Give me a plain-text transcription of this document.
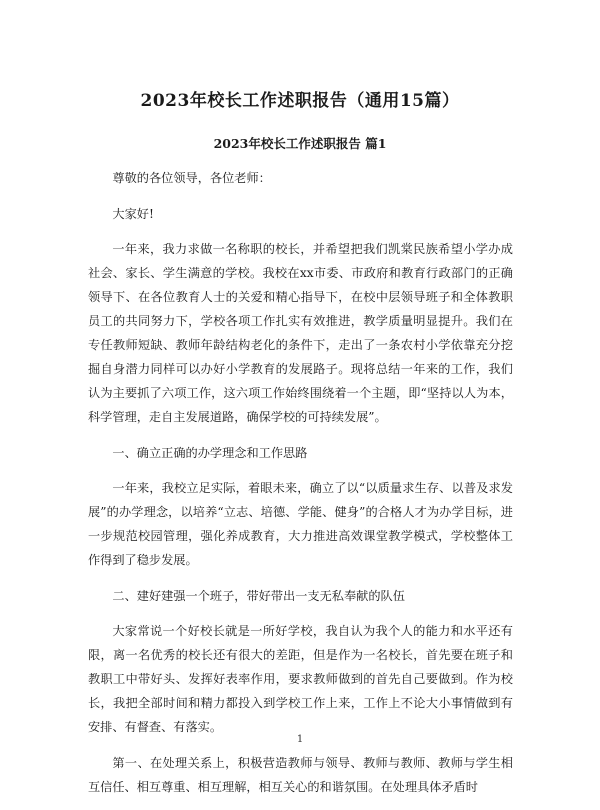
2023年校长工作述职报告（通用15篇）
2023年校长工作述职报告 篇1

尊敬的各位领导，各位老师：

大家好!

一年来，我力求做一名称职的校长，并希望把我们凯棠民族希望小学办成社会、家长、学生满意的学校。我校在xx市委、市政府和教育行政部门的正确领导下、在各位教育人士的关爱和精心指导下，在校中层领导班子和全体教职员工的共同努力下，学校各项工作扎实有效推进，教学质量明显提升。我们在专任教师短缺、教师年龄结构老化的条件下，走出了一条农村小学依靠充分挖掘自身潜力同样可以办好小学教育的发展路子。现将总结一年来的工作，我们认为主要抓了六项工作，这六项工作始终围绕着一个主题，即“坚持以人为本，科学管理，走自主发展道路，确保学校的可持续发展”。

一、确立正确的办学理念和工作思路

一年来，我校立足实际，着眼未来，确立了以“以质量求生存、以普及求发展”的办学理念，以培养“立志、培德、学能、健身”的合格人才为办学目标，进一步规范校园管理，强化养成教育，大力推进高效课堂教学模式，学校整体工作得到了稳步发展。

二、建好建强一个班子，带好带出一支无私奉献的队伍

大家常说一个好校长就是一所好学校，我自认为我个人的能力和水平还有限，离一名优秀的校长还有很大的差距，但是作为一名校长，首先要在班子和教职工中带好头、发挥好表率作用，要求教师做到的首先自己要做到。作为校长，我把全部时间和精力都投入到学校工作上来，工作上不论大小事情做到有安排、有督查、有落实。

第一、在处理关系上，积极营造教师与领导、教师与教师、教师与学生相互信任、相互尊重、相互理解，相互关心的和谐氛围。在处理具体矛盾时

1
